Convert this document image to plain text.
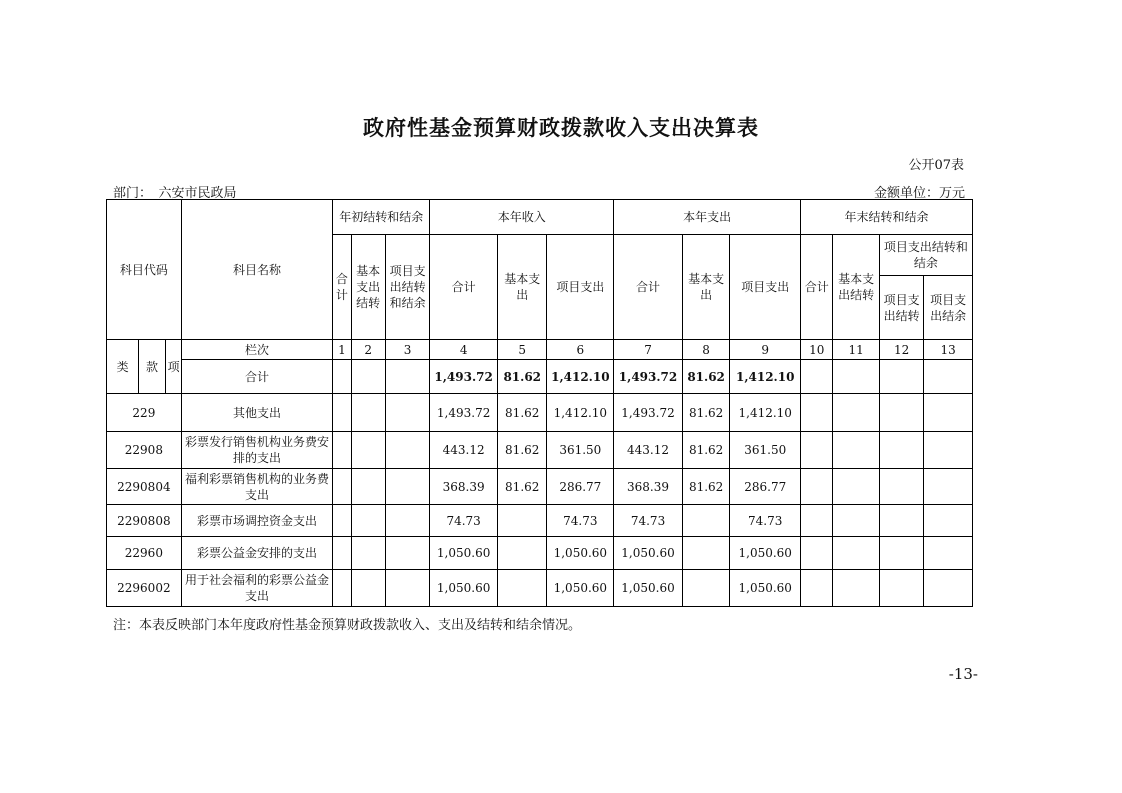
政府性基金预算财政拨款收入支出决算表
公开07表
部门：　六安市民政局	金额单位：万元
科目代码			科目名称	年初结转和结余			本年收入			本年支出			年末结转和结余			
				合计	基本支出结转	项目支出结转和结余	合计	基本支出	项目支出	合计	基本支出	项目支出	合计	基本支出结转	项目支出结转和结余	
															项目支出结转	项目支出结余
类	款	项	栏次	1	2	3	4	5	6	7	8	9	10	11	12	13
			合计				1,493.72	81.62	1,412.10	1,493.72	81.62	1,412.10				
229			其他支出				1,493.72	81.62	1,412.10	1,493.72	81.62	1,412.10				
22908			彩票发行销售机构业务费安排的支出				443.12	81.62	361.50	443.12	81.62	361.50				
2290804			福利彩票销售机构的业务费支出				368.39	81.62	286.77	368.39	81.62	286.77				
2290808			彩票市场调控资金支出				74.73		74.73	74.73		74.73				
22960			彩票公益金安排的支出				1,050.60		1,050.60	1,050.60		1,050.60				
2296002			用于社会福利的彩票公益金支出				1,050.60		1,050.60	1,050.60		1,050.60				
注：本表反映部门本年度政府性基金预算财政拨款收入、支出及结转和结余情况。
-13-
